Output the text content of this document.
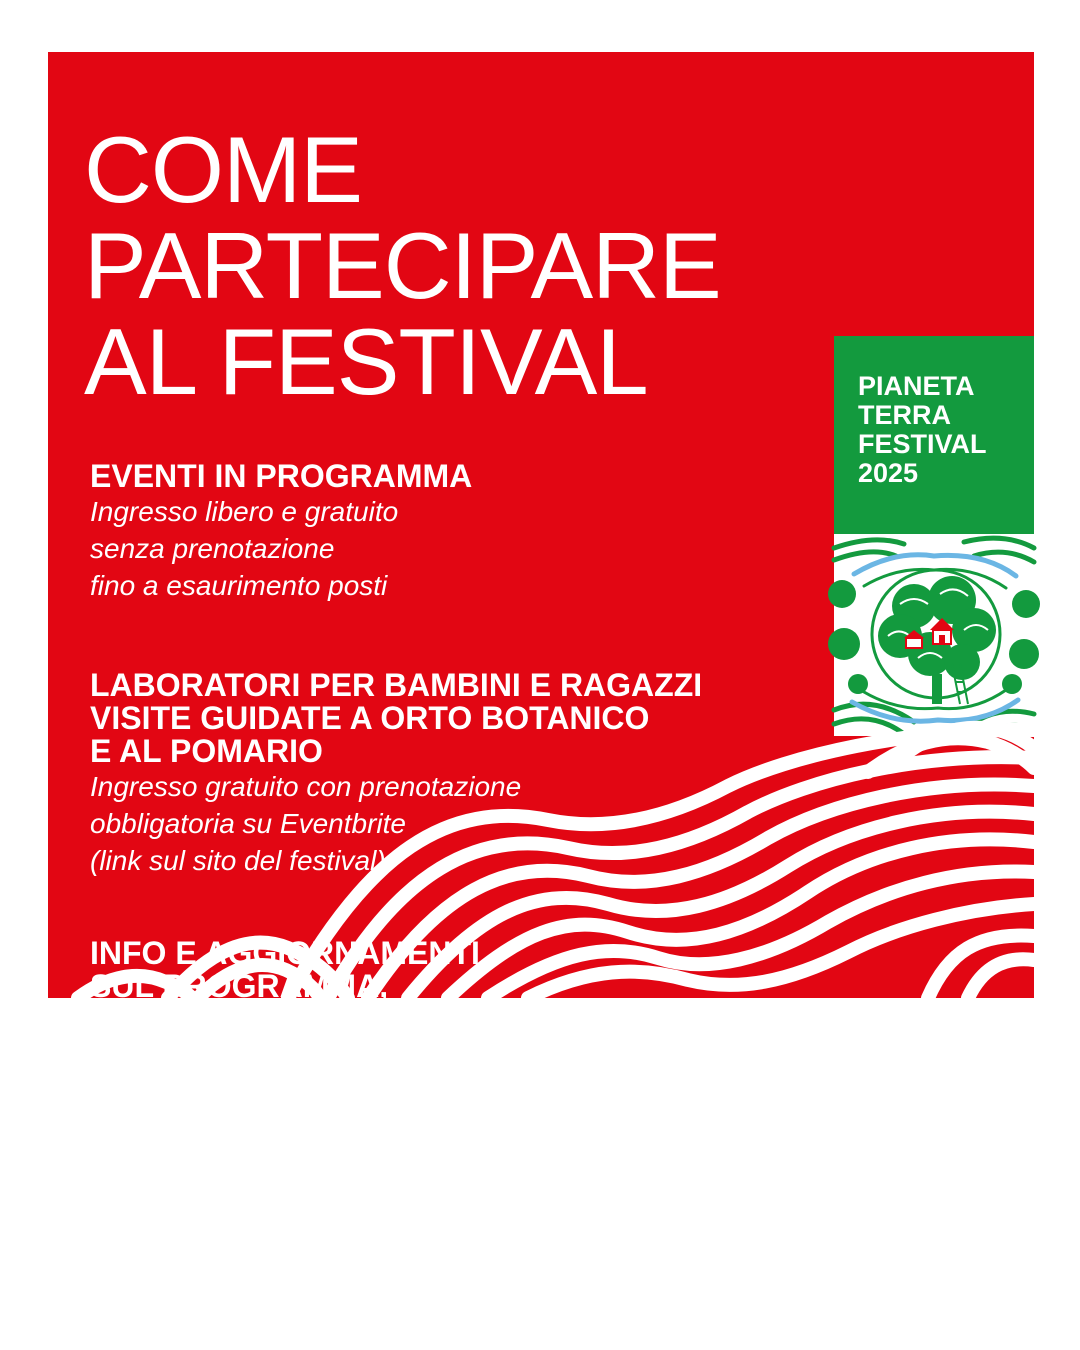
COME
PARTECIPARE
AL FESTIVAL
EVENTI IN PROGRAMMA
Ingresso libero e gratuito
senza prenotazione
fino a esaurimento posti
LABORATORI PER BAMBINI E RAGAZZI
VISITE GUIDATE A ORTO BOTANICO
E AL POMARIO
Ingresso gratuito con prenotazione
obbligatoria su Eventbrite
(link sul sito del festival)
INFO E AGGIORNAMENTI
SUL PROGRAMMA,
STREAMING DEGLI EVENTI
www.pianetaterrafestival.it
PIANETA
TERRA
FESTIVAL
2025
